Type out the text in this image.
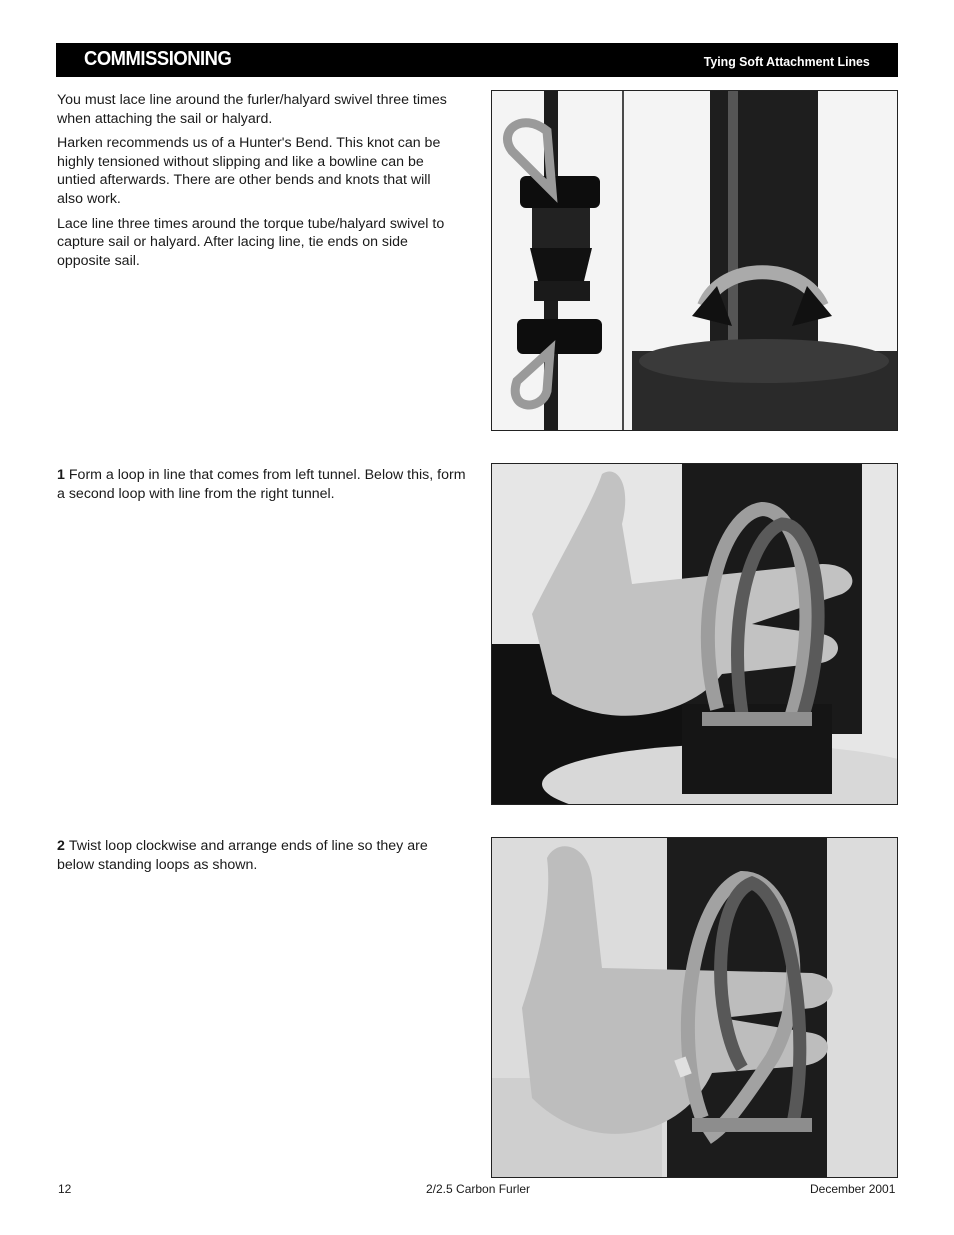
COMMISSIONING	Tying Soft Attachment Lines

You must lace line around the furler/halyard swivel three times when attaching the sail or halyard.

Harken recommends us of a Hunter's Bend. This knot can be highly tensioned without slipping and like a bowline can be untied afterwards. There are other bends and knots that will also work.

Lace line three times around the torque tube/halyard swivel to capture sail or halyard. After lacing line, tie ends on side opposite sail.

1 Form a loop in line that comes from left tunnel. Below this, form a second loop with line from the right tunnel.

2 Twist loop clockwise and arrange ends of line so they are below standing loops as shown.

12	2/2.5 Carbon Furler	December 2001
